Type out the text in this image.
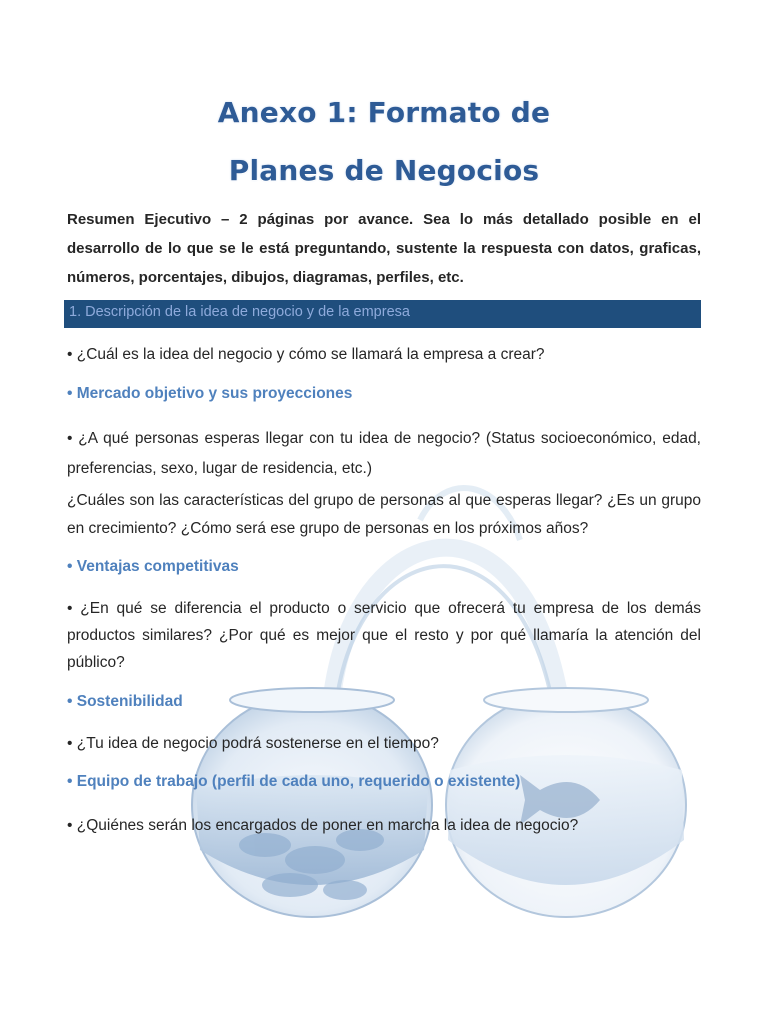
Anexo 1: Formato de
Planes de Negocios
Resumen Ejecutivo – 2 páginas por avance. Sea lo más detallado posible en el desarrollo de lo que se le está preguntando, sustente la respuesta con datos, graficas, números, porcentajes, dibujos, diagramas, perfiles, etc.
1. Descripción de la idea de negocio y de la empresa
• ¿Cuál es la idea del negocio y cómo se llamará la empresa a crear?
• Mercado objetivo y sus proyecciones
• ¿A qué personas esperas llegar con tu idea de negocio? (Status socioeconómico, edad, preferencias, sexo, lugar de residencia, etc.)
¿Cuáles son las características del grupo de personas al que esperas llegar? ¿Es un grupo en crecimiento? ¿Cómo será ese grupo de personas en los próximos años?
• Ventajas competitivas
• ¿En qué se diferencia el producto o servicio que ofrecerá tu empresa de los demás productos similares? ¿Por qué es mejor que el resto y por qué llamaría la atención del público?
• Sostenibilidad
• ¿Tu idea de negocio podrá sostenerse en el tiempo?
• Equipo de trabajo (perfil de cada uno, requerido o existente)
• ¿Quiénes serán los encargados de poner en marcha la idea de negocio?
